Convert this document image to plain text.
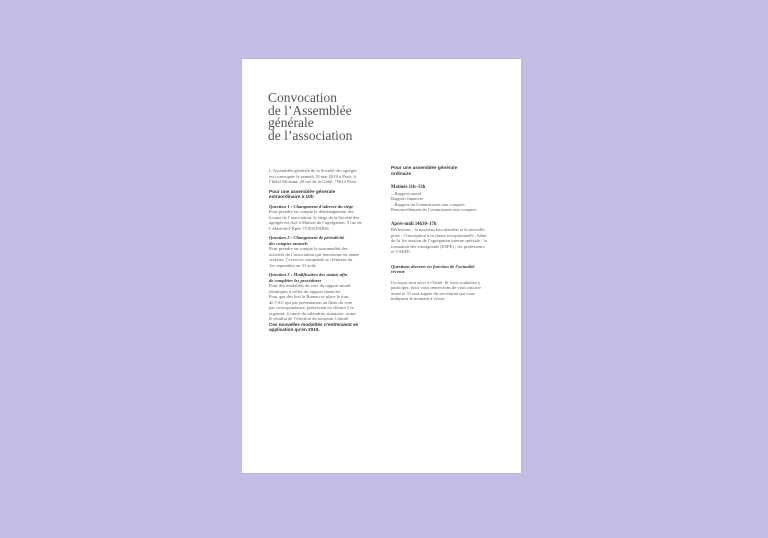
Convocation
de l’Assemblée
générale
de l’association

L’Assemblée générale de la Société des agrégés
est convoquée le samedi 18 mai 2019 à Paris, à
l’hôtel Moisant, 20 rue de la Gaîté, 75014 Paris.

Pour une assemblée générale
extraordinaire à 10h

Question 1 : Changement d’adresse du siège

Pour prendre en compte le déménagement des
locaux de l’association, le siège de la Société des
agrégés est fixé à Maison de l’agrégation, 9 rue de
l’Abbé-de-l’Épée 75 005 PARIS

Question 2 : Changement de périodicité
des comptes annuels

Pour prendre en compte la saisonnalité des
activités de l’association qui fonctionne en année
scolaire, l’exercice comptable se clôturera du
1er septembre au 31 août.

Question 3 : Modification des statuts afin
de compléter les procédures

Pour des modalités de vote du rapport moral
identiques à celles du rapport financier
Pour que dès lors le Bureau se place le jour
de l’AG qui par présentation au fléau du vote
par correspondance, préservant en clôture 5 fo
organisé, à cause du calendrier statutaire, avant
le résultat de l’élection du nouveau Comité.

Ces nouvelles modalités n’entreraient en
application qu’en 2019.

Pour une assemblée générale
ordinaire

Matinée 11h–13h

– Rapport moral
Rapport financier
– Rapport du Commissaire aux comptes
Renouvellement du Commissaire aux comptes

Après-midi 14h30–17h

Réflexions : la nouveau baccalauréat et la nouvelle
prise : l’inscription à la classe exceptionnelle ; bilan
de la 1re session de l’agrégation interne spéciale ; la
formation des enseignants (ESPE) ; les professeurs
et l’AEFE.

Questions diverses en fonction de l’actualité
récente

Un repas sera servi à l’hôtel. Si vous souhaitez y
participer, nous vous remercions de vous inscrire
avant le 31 mai auprès du secrétariat qui vous
indiquera le montant à verser.
